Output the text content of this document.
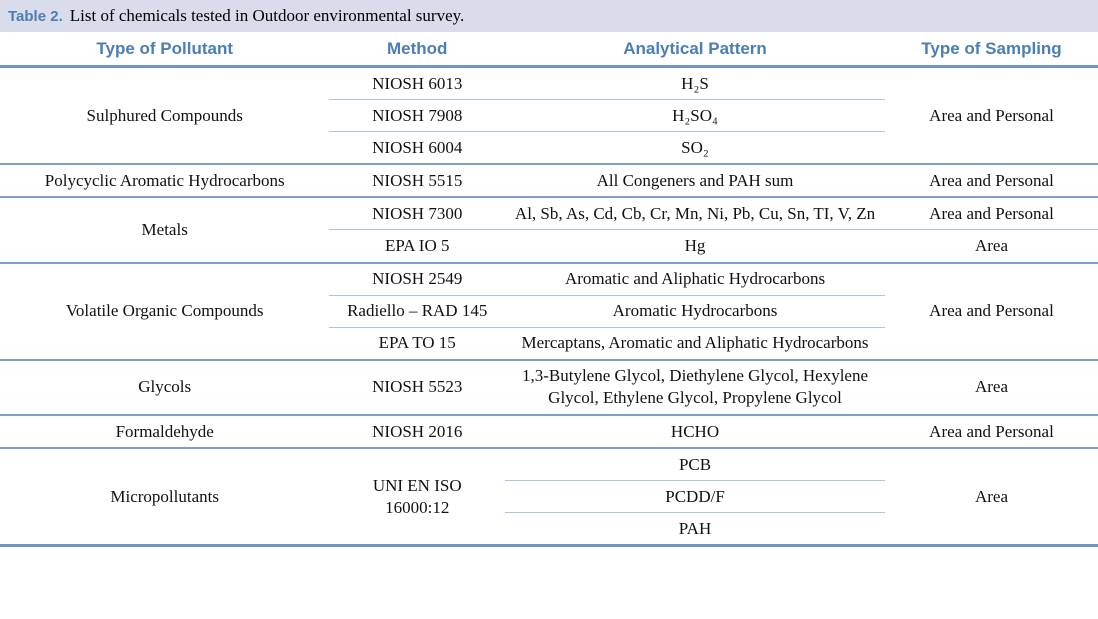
Table 2. List of chemicals tested in Outdoor environmental survey.
Type of Pollutant	Method	Analytical Pattern	Type of Sampling
Sulphured Compounds	NIOSH 6013	H₂S	Area and Personal
	NIOSH 7908	H₂SO₄	
	NIOSH 6004	SO₂	
Polycyclic Aromatic Hydrocarbons	NIOSH 5515	All Congeners and PAH sum	Area and Personal
Metals	NIOSH 7300	Al, Sb, As, Cd, Cb, Cr, Mn, Ni, Pb, Cu, Sn, TI, V, Zn	Area and Personal
	EPA IO 5	Hg	Area
Volatile Organic Compounds	NIOSH 2549	Aromatic and Aliphatic Hydrocarbons	Area and Personal
	Radiello – RAD 145	Aromatic Hydrocarbons	
	EPA TO 15	Mercaptans, Aromatic and Aliphatic Hydrocarbons	
Glycols	NIOSH 5523	1,3-Butylene Glycol, Diethylene Glycol, Hexylene Glycol, Ethylene Glycol, Propylene Glycol	Area
Formaldehyde	NIOSH 2016	HCHO	Area and Personal
Micropollutants	UNI EN ISO 16000:12	PCB	Area
		PCDD/F	
		PAH	
